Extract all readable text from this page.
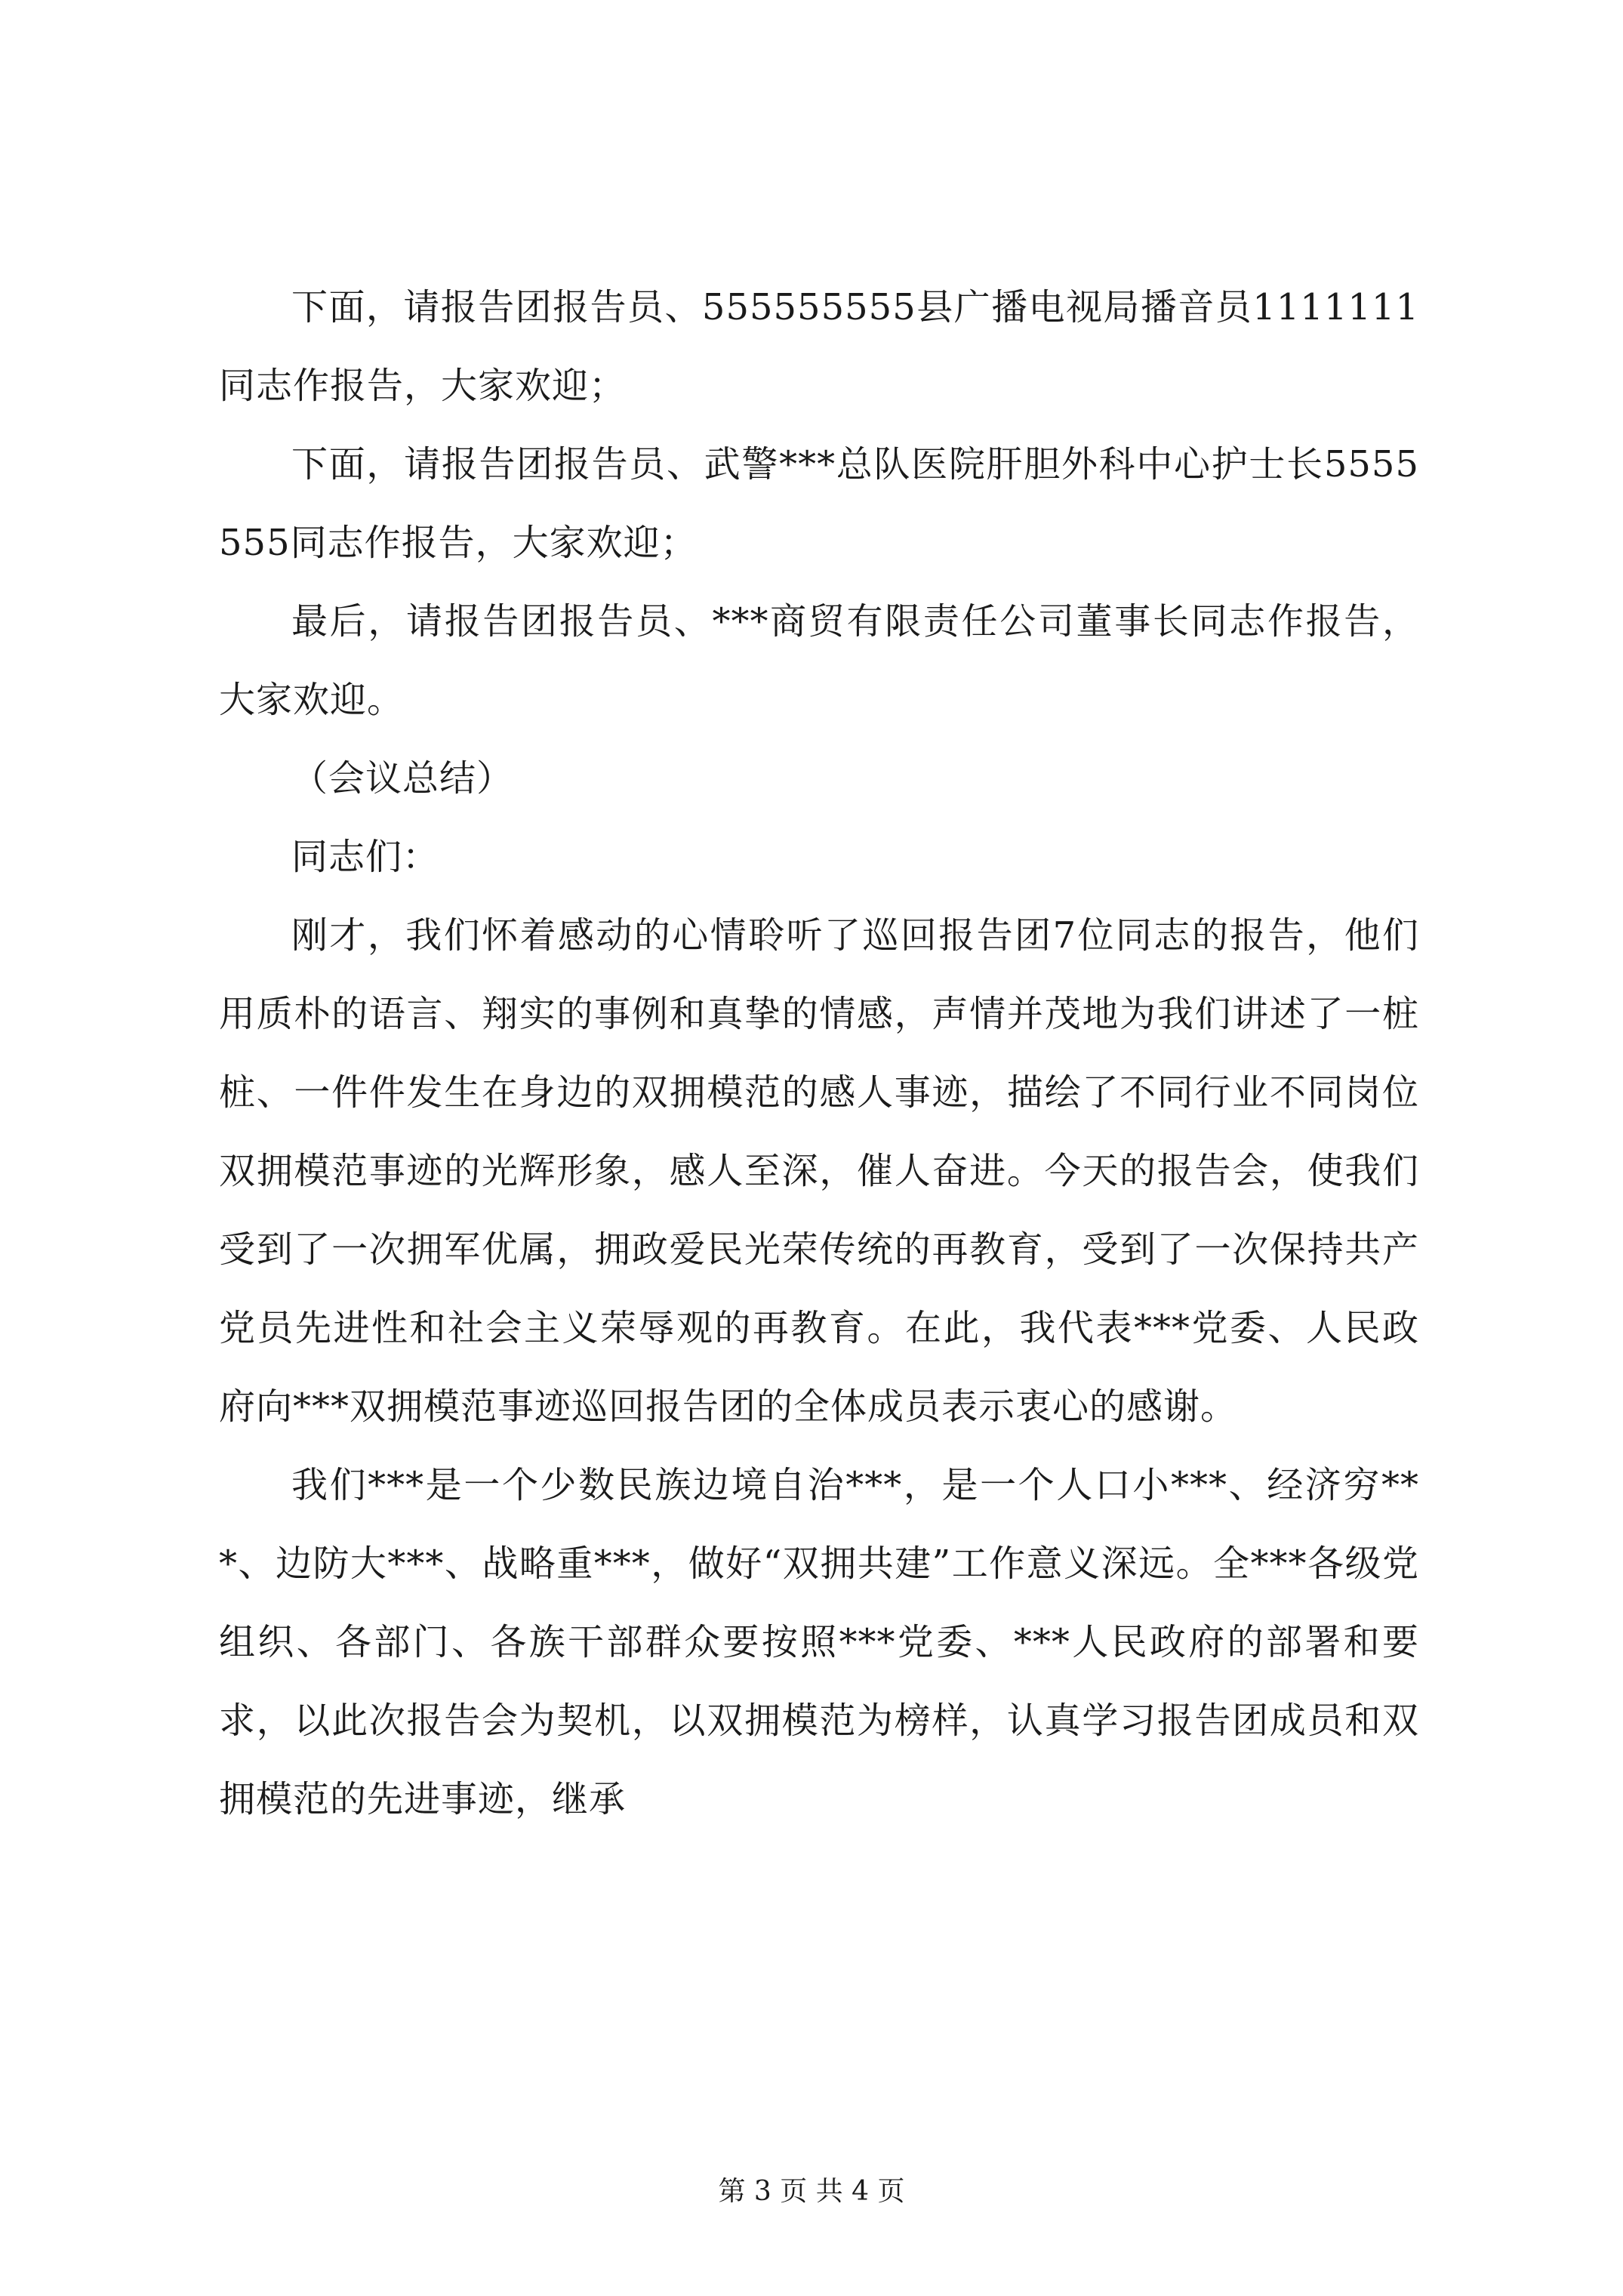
下面，请报告团报告员、555555555县广播电视局播音员1111111同志作报告，大家欢迎；

下面，请报告团报告员、武警***总队医院肝胆外科中心护士长5555555同志作报告，大家欢迎；

最后，请报告团报告员、***商贸有限责任公司董事长同志作报告，大家欢迎。

（会议总结）

同志们：

刚才，我们怀着感动的心情聆听了巡回报告团7位同志的报告，他们用质朴的语言、翔实的事例和真挚的情感，声情并茂地为我们讲述了一桩桩、一件件发生在身边的双拥模范的感人事迹，描绘了不同行业不同岗位双拥模范事迹的光辉形象，感人至深，催人奋进。今天的报告会，使我们受到了一次拥军优属，拥政爱民光荣传统的再教育，受到了一次保持共产党员先进性和社会主义荣辱观的再教育。在此，我代表***党委、人民政府向***双拥模范事迹巡回报告团的全体成员表示衷心的感谢。

我们***是一个少数民族边境自治***，是一个人口小***、经济穷***、边防大***、战略重***，做好“双拥共建”工作意义深远。全***各级党组织、各部门、各族干部群众要按照***党委、***人民政府的部署和要求，以此次报告会为契机，以双拥模范为榜样，认真学习报告团成员和双拥模范的先进事迹，继承

第 3 页 共 4 页
